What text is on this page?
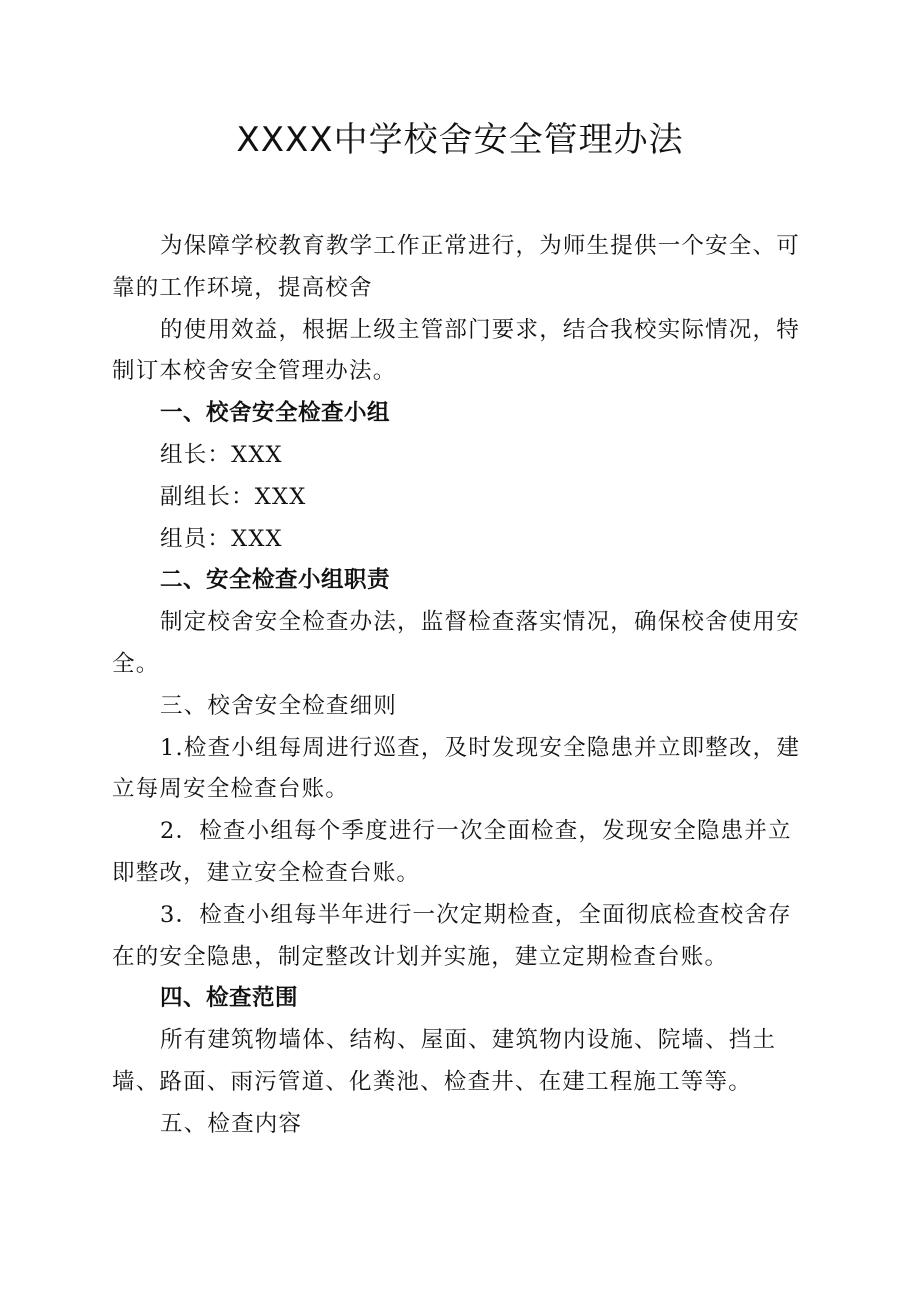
XXXX中学校舍安全管理办法

为保障学校教育教学工作正常进行，为师生提供一个安全、可靠的工作环境，提高校舍

的使用效益，根据上级主管部门要求，结合我校实际情况，特制订本校舍安全管理办法。

一、校舍安全检查小组

组长：XXX

副组长：XXX

组员：XXX

二、安全检查小组职责

制定校舍安全检查办法，监督检查落实情况，确保校舍使用安全。

三、校舍安全检查细则

1.检查小组每周进行巡查，及时发现安全隐患并立即整改，建立每周安全检查台账。

2．检查小组每个季度进行一次全面检查，发现安全隐患并立即整改，建立安全检查台账。

3．检查小组每半年进行一次定期检查，全面彻底检查校舍存在的安全隐患，制定整改计划并实施，建立定期检查台账。

四、检查范围

所有建筑物墙体、结构、屋面、建筑物内设施、院墙、挡土墙、路面、雨污管道、化粪池、检查井、在建工程施工等等。

五、检查内容
